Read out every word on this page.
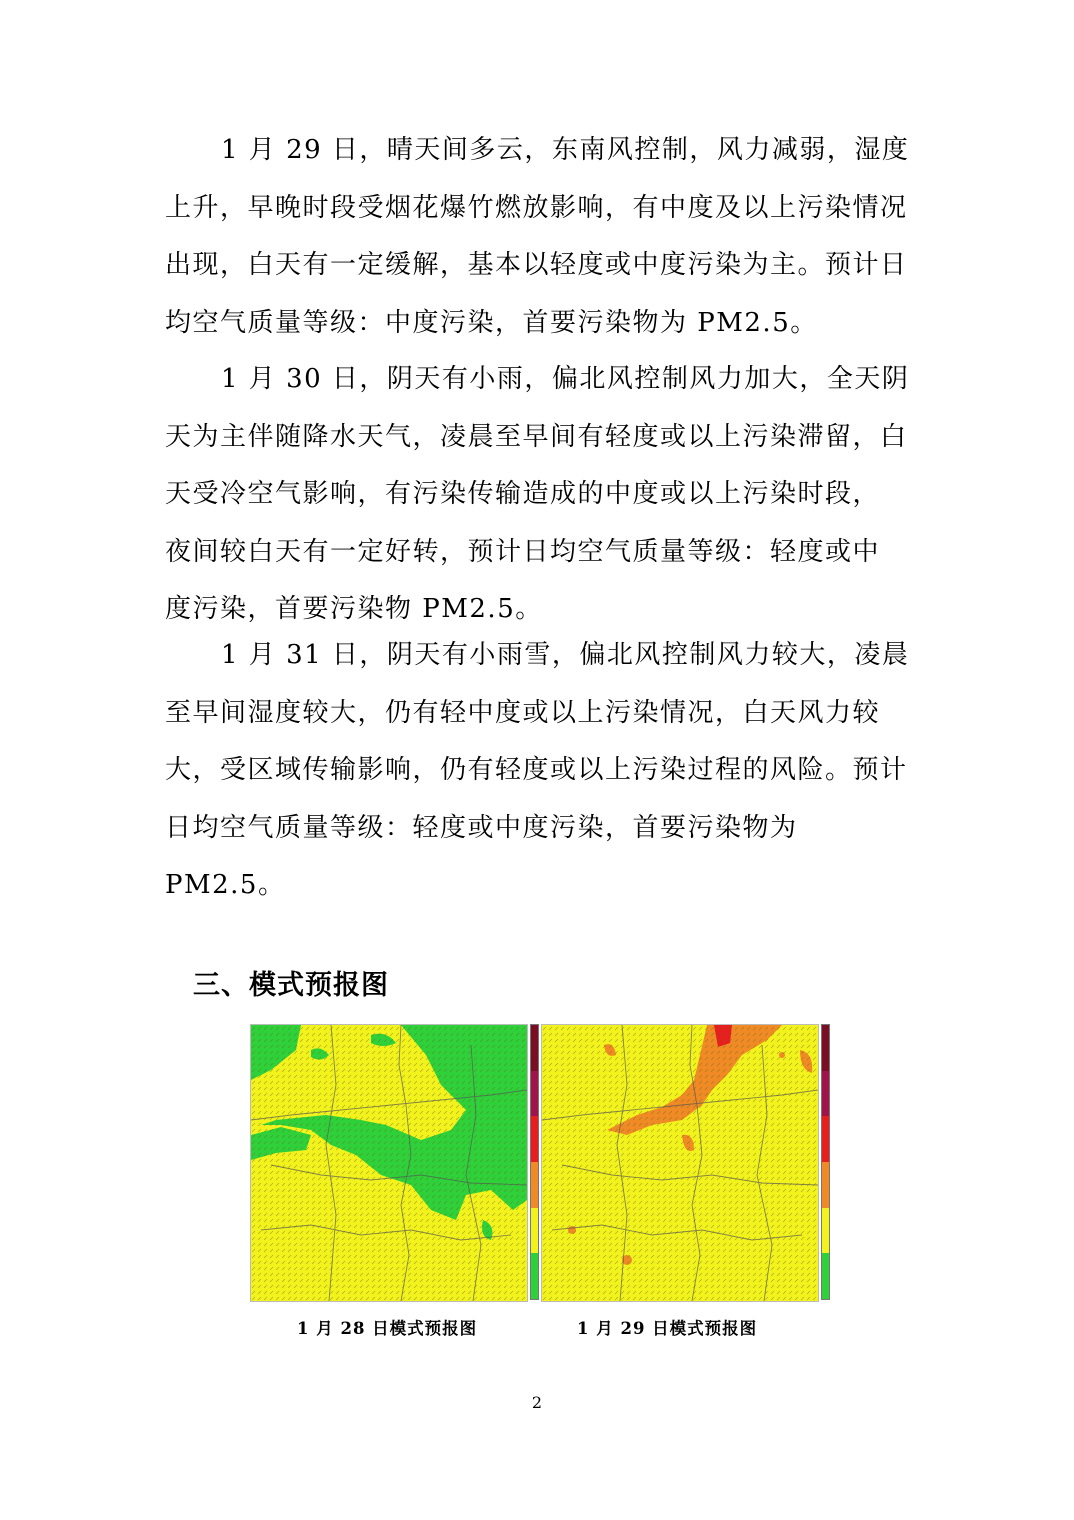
1 月 29 日，晴天间多云，东南风控制，风力减弱，湿度上升，早晚时段受烟花爆竹燃放影响，有中度及以上污染情况出现，白天有一定缓解，基本以轻度或中度污染为主。预计日均空气质量等级：中度污染，首要污染物为 PM2.5。

1 月 30 日，阴天有小雨，偏北风控制风力加大，全天阴天为主伴随降水天气，凌晨至早间有轻度或以上污染滞留，白天受冷空气影响，有污染传输造成的中度或以上污染时段， 夜间较白天有一定好转，预计日均空气质量等级：轻度或中 度污染，首要污染物 PM2.5。

1 月 31 日，阴天有小雨雪，偏北风控制风力较大，凌晨至早间湿度较大，仍有轻中度或以上污染情况，白天风力较大，受区域传输影响，仍有轻度或以上污染过程的风险。预计日均空气质量等级：轻度或中度污染，首要污染物为 PM2.5。

三、模式预报图
1 月 28 日模式预报图	1 月 29 日模式预报图
2
